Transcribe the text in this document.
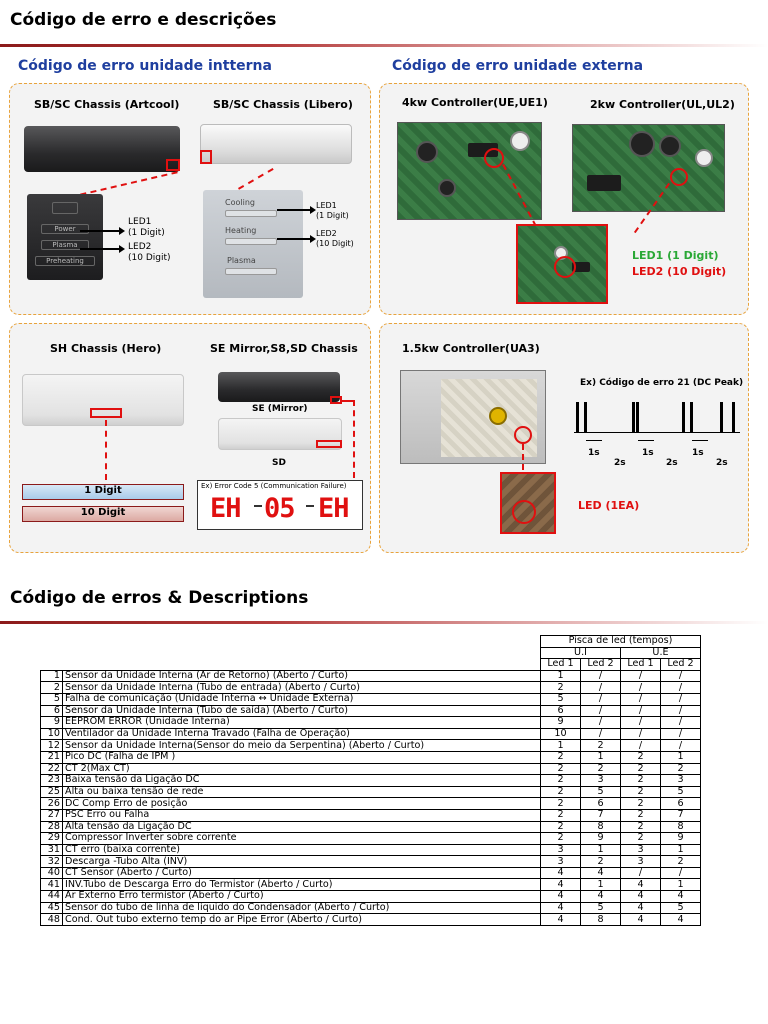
Código de erro e descrições
Código de erro unidade intterna	Código de erro unidade externa
SB/SC Chassis (Artcool)	SB/SC Chassis (Libero)
Power
Plasma
Preheating
LED1
(1 Digit)
LED2
(10 Digit)
Cooling
Heating
Plasma
LED1
(1 Digit)
LED2
(10 Digit)
4kw Controller(UE,UE1)	2kw Controller(UL,UL2)
LED1 (1 Digit)
LED2 (10 Digit)
SH Chassis (Hero)	SE Mirror,S8,SD Chassis
1 Digit
10 Digit
SE (Mirror)
SD
Ex) Error Code 5 (Communication Failure)
EH 05 EH
1.5kw Controller(UA3)
LED (1EA)
Ex) Código de erro 21 (DC Peak)
1s
2s
1s
2s
1s
2s
Código de erros & Descriptions
		Pisca de led (tempos)			
		U.I		U.E	
		Led 1	Led 2	Led 1	Led 2
1	Sensor da Unidade Interna (Ar de Retorno) (Aberto / Curto)	1	/	/	/
2	Sensor da Unidade Interna (Tubo de entrada) (Aberto / Curto)	2	/	/	/
5	Falha de comunicação (Unidade Interna ↔ Unidade Externa)	5	/	/	/
6	Sensor da Unidade Interna (Tubo de saída) (Aberto / Curto)	6	/	/	/
9	EEPROM ERROR (Unidade Interna)	9	/	/	/
10	Ventilador da Unidade Interna Travado (Falha de Operação)	10	/	/	/
12	Sensor da Unidade Interna(Sensor do meio da Serpentina) (Aberto / Curto)	1	2	/	/
21	Pico DC (Falha de IPM )	2	1	2	1
22	CT 2(Max CT)	2	2	2	2
23	Baixa tensão da Ligação DC	2	3	2	3
25	Alta ou baixa tensão de rede	2	5	2	5
26	DC Comp Erro de posição	2	6	2	6
27	PSC Erro ou Falha	2	7	2	7
28	Alta tensão da Ligação DC	2	8	2	8
29	Compressor Inverter sobre corrente	2	9	2	9
31	CT erro (baixa corrente)	3	1	3	1
32	Descarga -Tubo Alta (INV)	3	2	3	2
40	CT Sensor (Aberto / Curto)	4	4	/	/
41	INV.Tubo de Descarga Erro do Termistor (Aberto / Curto)	4	1	4	1
44	Ar Externo Erro termistor (Aberto / Curto)	4	4	4	4
45	Sensor do tubo de linha de liquido do Condensador (Aberto / Curto)	4	5	4	5
48	Cond. Out tubo externo temp do ar Pipe Error (Aberto / Curto)	4	8	4	4
